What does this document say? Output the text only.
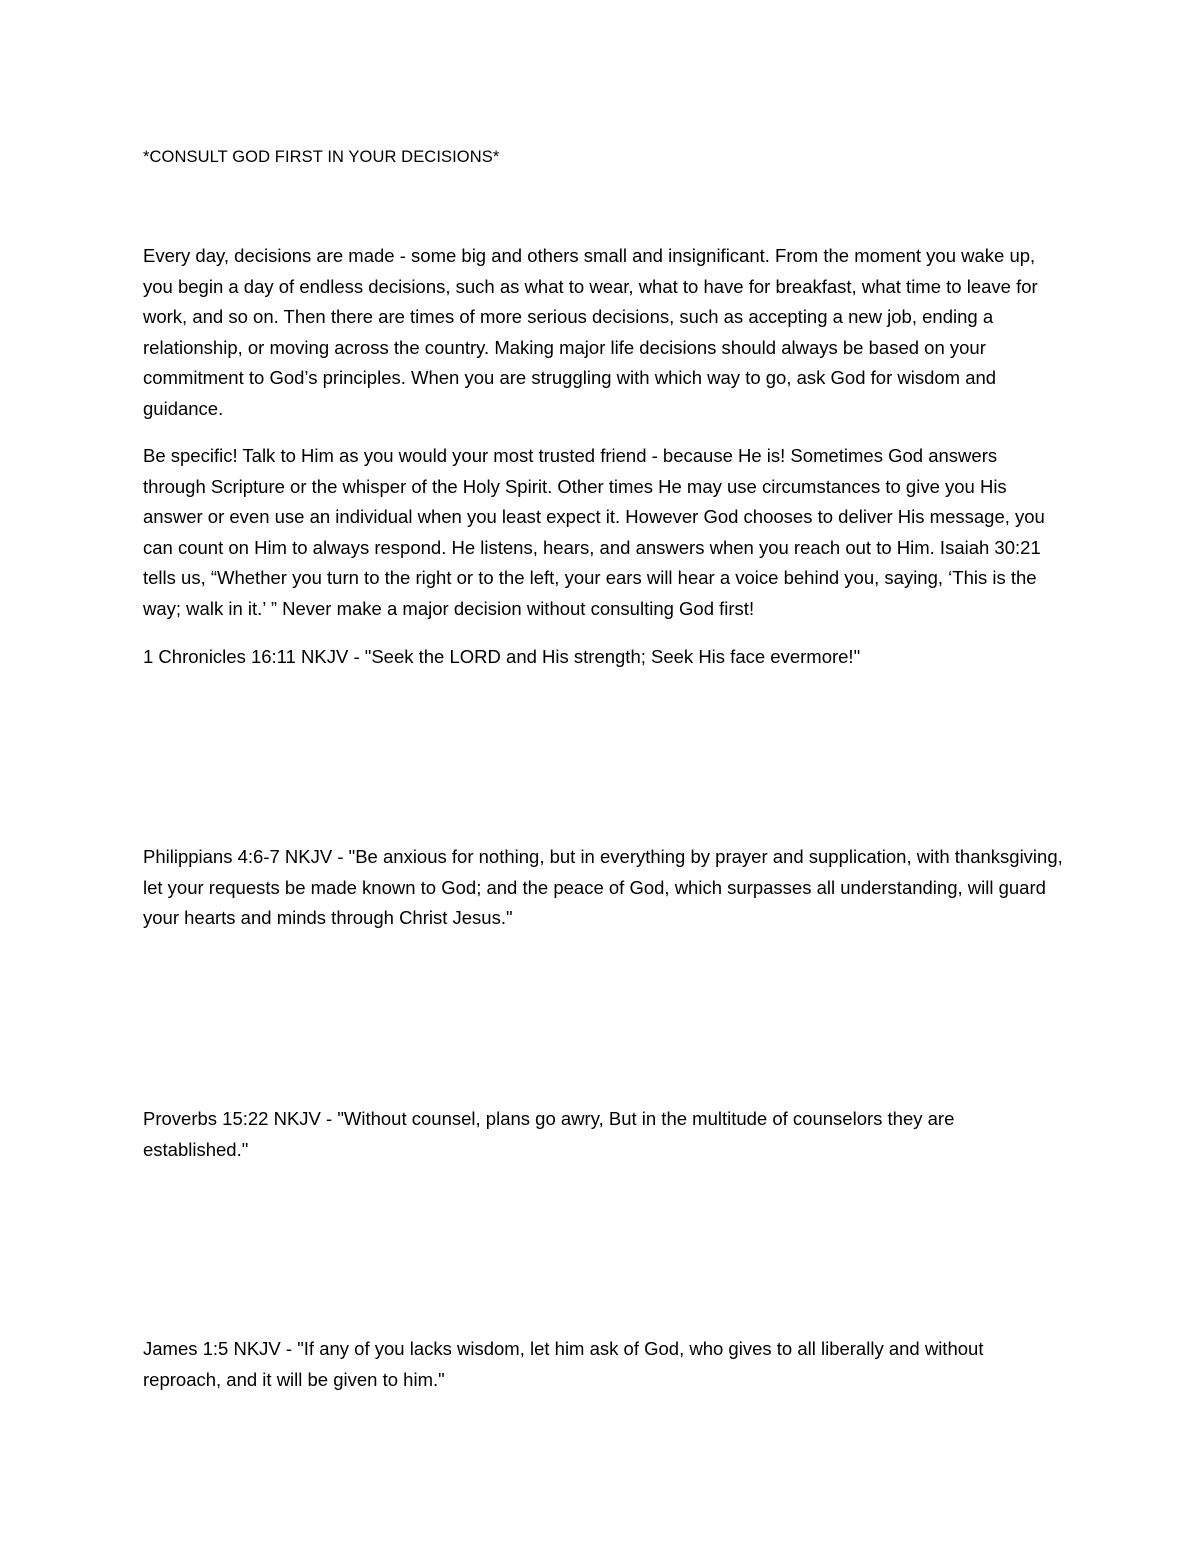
*CONSULT GOD FIRST IN YOUR DECISIONS*

Every day, decisions are made - some big and others small and insignificant. From the moment you wake up, you begin a day of endless decisions, such as what to wear, what to have for breakfast, what time to leave for work, and so on. Then there are times of more serious decisions, such as accepting a new job, ending a relationship, or moving across the country. Making major life decisions should always be based on your commitment to God’s principles. When you are struggling with which way to go, ask God for wisdom and guidance.

Be specific! Talk to Him as you would your most trusted friend - because He is! Sometimes God answers through Scripture or the whisper of the Holy Spirit. Other times He may use circumstances to give you His answer or even use an individual when you least expect it. However God chooses to deliver His message, you can count on Him to always respond. He listens, hears, and answers when you reach out to Him. Isaiah 30:21 tells us, “Whether you turn to the right or to the left, your ears will hear a voice behind you, saying, ‘This is the way; walk in it.’ ” Never make a major decision without consulting God first!

1 Chronicles 16:11 NKJV - "Seek the LORD and His strength; Seek His face evermore!"

Philippians 4:6-7 NKJV - "Be anxious for nothing, but in everything by prayer and supplication, with thanksgiving, let your requests be made known to God; and the peace of God, which surpasses all understanding, will guard your hearts and minds through Christ Jesus."

Proverbs 15:22 NKJV - "Without counsel, plans go awry, But in the multitude of counselors they are established."

James 1:5 NKJV - "If any of you lacks wisdom, let him ask of God, who gives to all liberally and without reproach, and it will be given to him."
